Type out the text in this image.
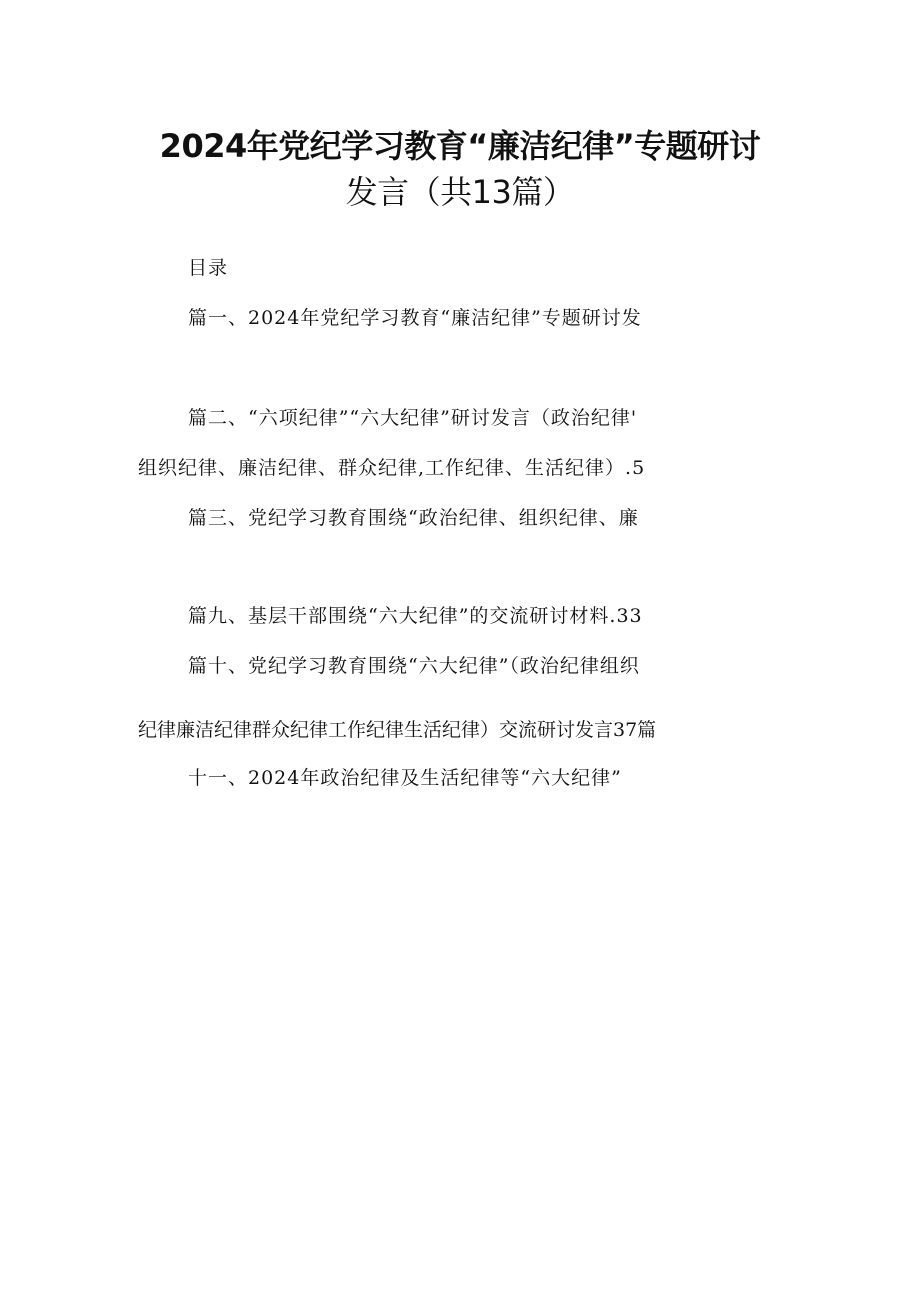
2024年党纪学习教育“廉洁纪律”专题研讨
发言（共13篇）
目录
篇一、2024年党纪学习教育“廉洁纪律”专题研讨发
篇二、“六项纪律”“六大纪律”研讨发言（政治纪律'
组织纪律、廉洁纪律、群众纪律,工作纪律、生活纪律）.5
篇三、党纪学习教育围绕“政治纪律、组织纪律、廉
篇九、基层干部围绕“六大纪律”的交流研讨材料.33
篇十、党纪学习教育围绕“六大纪律”（政治纪律组织
纪律廉洁纪律群众纪律工作纪律生活纪律）交流研讨发言37篇
十一、2024年政治纪律及生活纪律等“六大纪律”
